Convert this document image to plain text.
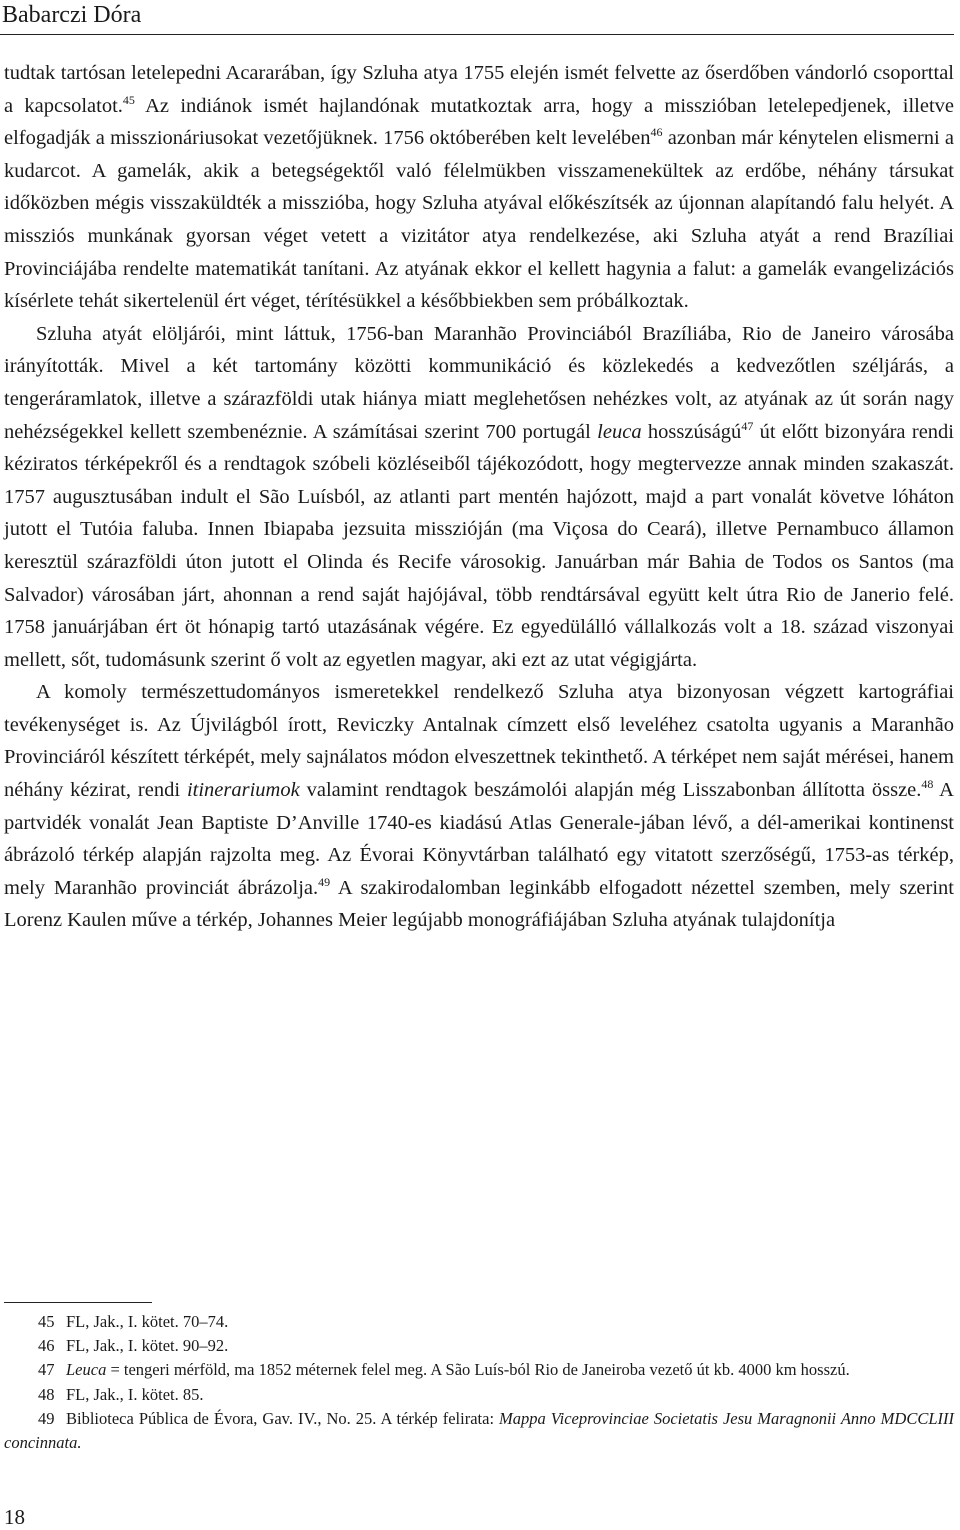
Babarczi Dóra

tudtak tartósan letelepedni Acararában, így Szluha atya 1755 elején ismét felvette az őserdőben vándorló csoporttal a kapcsolatot.$^{45}$ Az indiánok ismét hajlandónak mutatkoztak arra, hogy a misszióban letelepedjenek, illetve elfogadják a misszionáriusokat vezetőjüknek. 1756 októberében kelt levelében$^{46}$ azonban már kénytelen elismerni a kudarcot. A gamelák, akik a betegségektől való félelmükben visszamenekültek az erdőbe, néhány társukat időközben mégis visszaküldték a misszióba, hogy Szluha atyával előkészítsék az újonnan alapítandó falu helyét. A missziós munkának gyorsan véget vetett a vizitátor atya rendelkezése, aki Szluha atyát a rend Brazíliai Provinciájába rendelte matematikát tanítani. Az atyának ekkor el kellett hagynia a falut: a gamelák evangelizációs kísérlete tehát sikertelenül ért véget, térítésükkel a későbbiekben sem próbálkoztak.

Szluha atyát elöljárói, mint láttuk, 1756-ban Maranhão Provinciából Brazíliába, Rio de Janeiro városába irányították. Mivel a két tartomány közötti kommunikáció és közlekedés a kedvezőtlen széljárás, a tengeráramlatok, illetve a szárazföldi utak hiánya miatt meglehetősen nehézkes volt, az atyának az út során nagy nehézségekkel kellett szembenéznie. A számításai szerint 700 portugál leuca hosszúságú$^{47}$ út előtt bizonyára rendi kéziratos térképekről és a rendtagok szóbeli közléseiből tájékozódott, hogy megtervezze annak minden szakaszát. 1757 augusztusában indult el São Luísból, az atlanti part mentén hajózott, majd a part vonalát követve lóháton jutott el Tutóia faluba. Innen Ibiapaba jezsuita misszióján (ma Viçosa do Ceará), illetve Pernambuco államon keresztül szárazföldi úton jutott el Olinda és Recife városokig. Januárban már Bahia de Todos os Santos (ma Salvador) városában járt, ahonnan a rend saját hajójával, több rendtársával együtt kelt útra Rio de Janerio felé. 1758 januárjában ért öt hónapig tartó utazásának végére. Ez egyedülálló vállalkozás volt a 18. század viszonyai mellett, sőt, tudomásunk szerint ő volt az egyetlen magyar, aki ezt az utat végigjárta.

A komoly természettudományos ismeretekkel rendelkező Szluha atya bizonyosan végzett kartográfiai tevékenységet is. Az Újvilágból írott, Reviczky Antalnak címzett első leveléhez csatolta ugyanis a Maranhão Provinciáról készített térképét, mely sajnálatos módon elveszettnek tekinthető. A térképet nem saját mérései, hanem néhány kézirat, rendi itinerariumok valamint rendtagok beszámolói alapján még Lisszabonban állította össze.$^{48}$ A partvidék vonalát Jean Baptiste D’Anville 1740-es kiadású Atlas Generale-jában lévő, a dél-amerikai kontinenst ábrázoló térkép alapján rajzolta meg. Az Évorai Könyvtárban található egy vitatott szerzőségű, 1753-as térkép, mely Maranhão provinciát ábrázolja.$^{49}$ A szakirodalomban leginkább elfogadott nézettel szemben, mely szerint Lorenz Kaulen műve a térkép, Johannes Meier legújabb monográfiájában Szluha atyának tulajdonítja

45 FL, Jak., I. kötet. 70–74.

46 FL, Jak., I. kötet. 90–92.

47 Leuca = tengeri mérföld, ma 1852 méternek felel meg. A São Luís-ból Rio de Janeiroba vezető út kb. 4000 km hosszú.

48 FL, Jak., I. kötet. 85.

49 Biblioteca Pública de Évora, Gav. IV., No. 25. A térkép felirata: Mappa Viceprovinciae Societatis Jesu Maragnonii Anno MDCCLIII concinnata.

18
